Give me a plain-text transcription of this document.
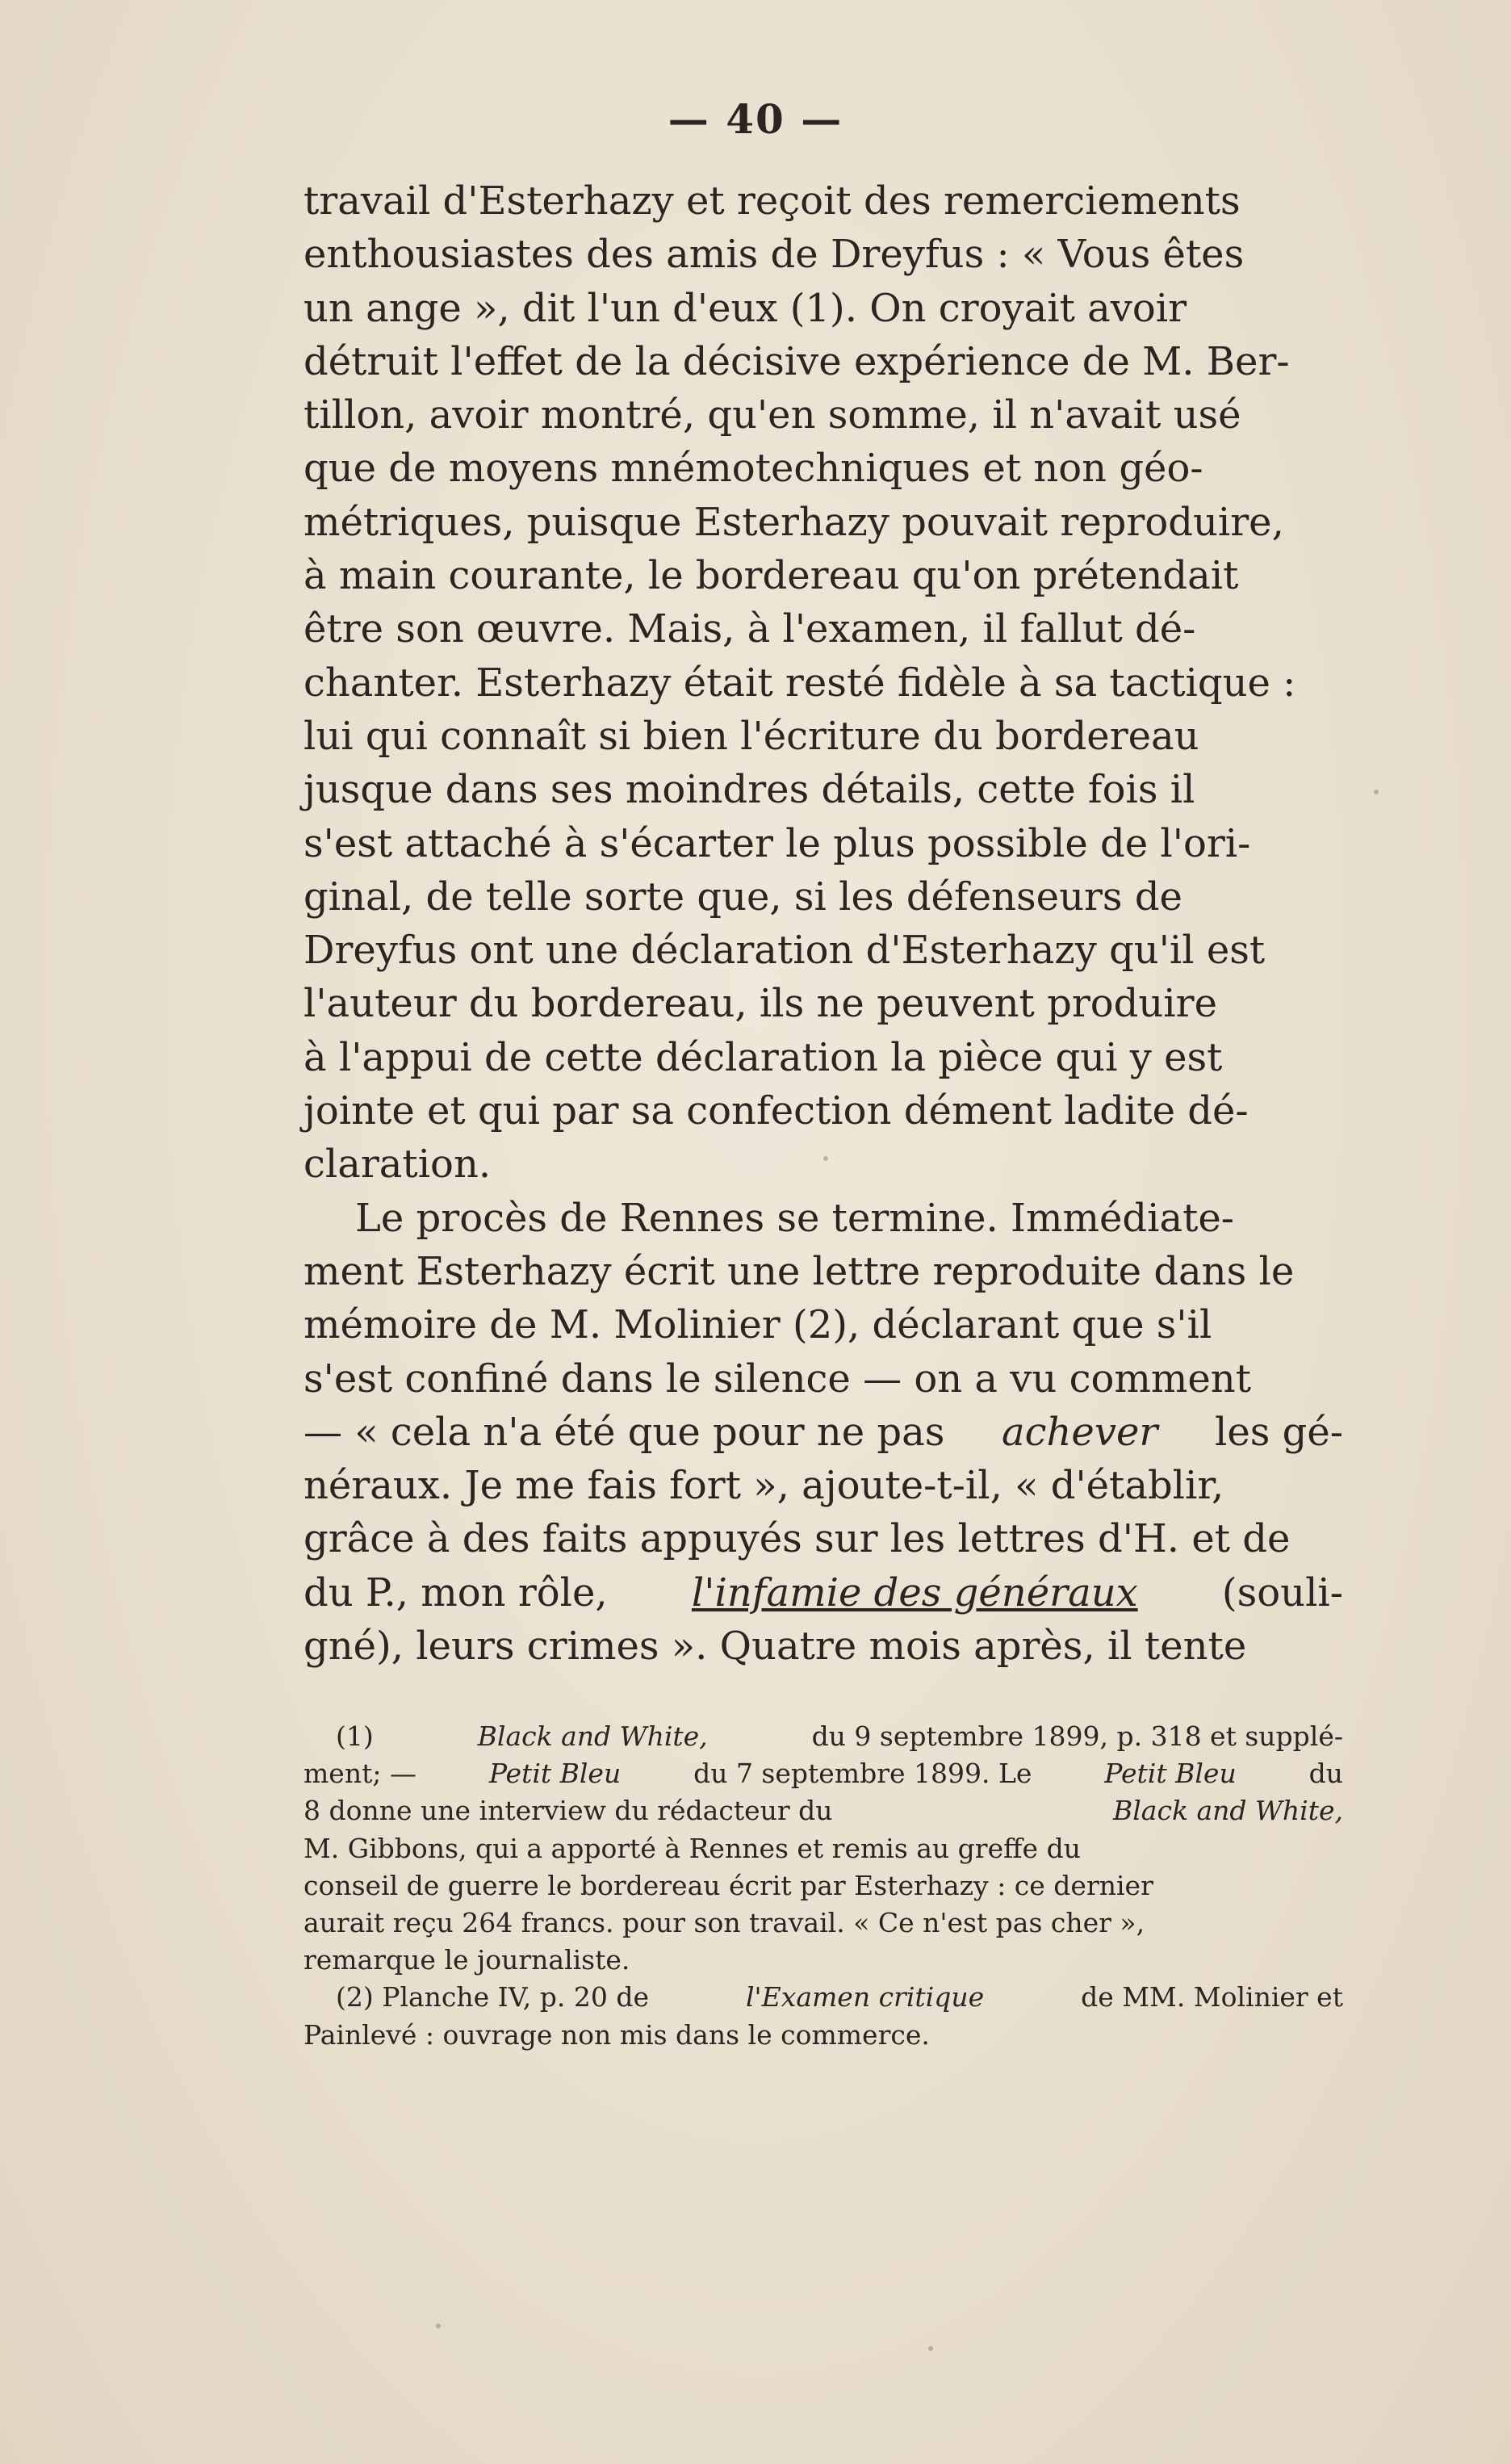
— 40 —
travail d'Esterhazy et reçoit des remerciements
enthousiastes des amis de Dreyfus : « Vous êtes
un ange », dit l'un d'eux (1). On croyait avoir
détruit l'effet de la décisive expérience de M. Ber-
tillon, avoir montré, qu'en somme, il n'avait usé
que de moyens mnémotechniques et non géo-
métriques, puisque Esterhazy pouvait reproduire,
à main courante, le bordereau qu'on prétendait
être son œuvre. Mais, à l'examen, il fallut dé-
chanter. Esterhazy était resté fidèle à sa tactique :
lui qui connaît si bien l'écriture du bordereau
jusque dans ses moindres détails, cette fois il
s'est attaché à s'écarter le plus possible de l'ori-
ginal, de telle sorte que, si les défenseurs de
Dreyfus ont une déclaration d'Esterhazy qu'il est
l'auteur du bordereau, ils ne peuvent produire
à l'appui de cette déclaration la pièce qui y est
jointe et qui par sa confection dément ladite dé-
claration.
Le procès de Rennes se termine. Immédiate-
ment Esterhazy écrit une lettre reproduite dans le
mémoire de M. Molinier (2), déclarant que s'il
s'est confiné dans le silence — on a vu comment
— « cela n'a été que pour ne pas achever les gé-
néraux. Je me fais fort », ajoute-t-il, « d'établir,
grâce à des faits appuyés sur les lettres d'H. et de
du P., mon rôle, l'infamie des généraux (souli-
gné), leurs crimes ». Quatre mois après, il tente
(1)	Black and White,	du 9 septembre 1899, p. 318 et supplé-
ment; —	Petit Bleu	du 7 septembre 1899. Le	Petit Bleu	du
8 donne une interview du rédacteur du	Black and White,
M. Gibbons, qui a apporté à Rennes et remis au greffe du
conseil de guerre le bordereau écrit par Esterhazy : ce dernier
aurait reçu 264 francs. pour son travail. « Ce n'est pas cher »,
remarque le journaliste.
(2) Planche IV, p. 20 de	l'Examen critique	de MM. Molinier et
Painlevé : ouvrage non mis dans le commerce.
